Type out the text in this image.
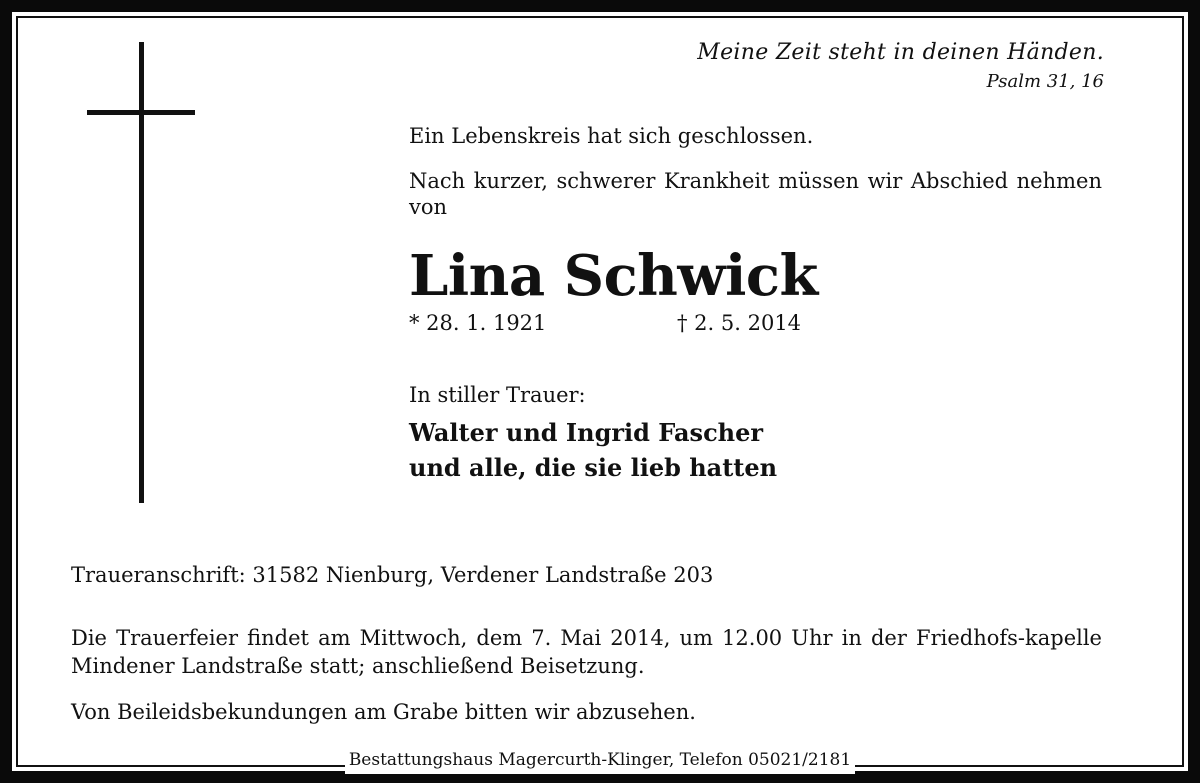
Meine Zeit steht in deinen Händen.
Psalm 31, 16
Ein Lebenskreis hat sich geschlossen.
Nach kurzer, schwerer Krankheit müssen wir Abschied nehmen von
Lina Schwick
* 28. 1. 1921	† 2. 5. 2014
In stiller Trauer:
Walter und Ingrid Fascher
und alle, die sie lieb hatten
Traueranschrift: 31582 Nienburg, Verdener Landstraße 203
Die Trauerfeier findet am Mittwoch, dem 7. Mai 2014, um 12.00 Uhr in der Friedhofs-kapelle Mindener Landstraße statt; anschließend Beisetzung.
Von Beileidsbekundungen am Grabe bitten wir abzusehen.
Bestattungshaus Magercurth-Klinger, Telefon 05021/2181
